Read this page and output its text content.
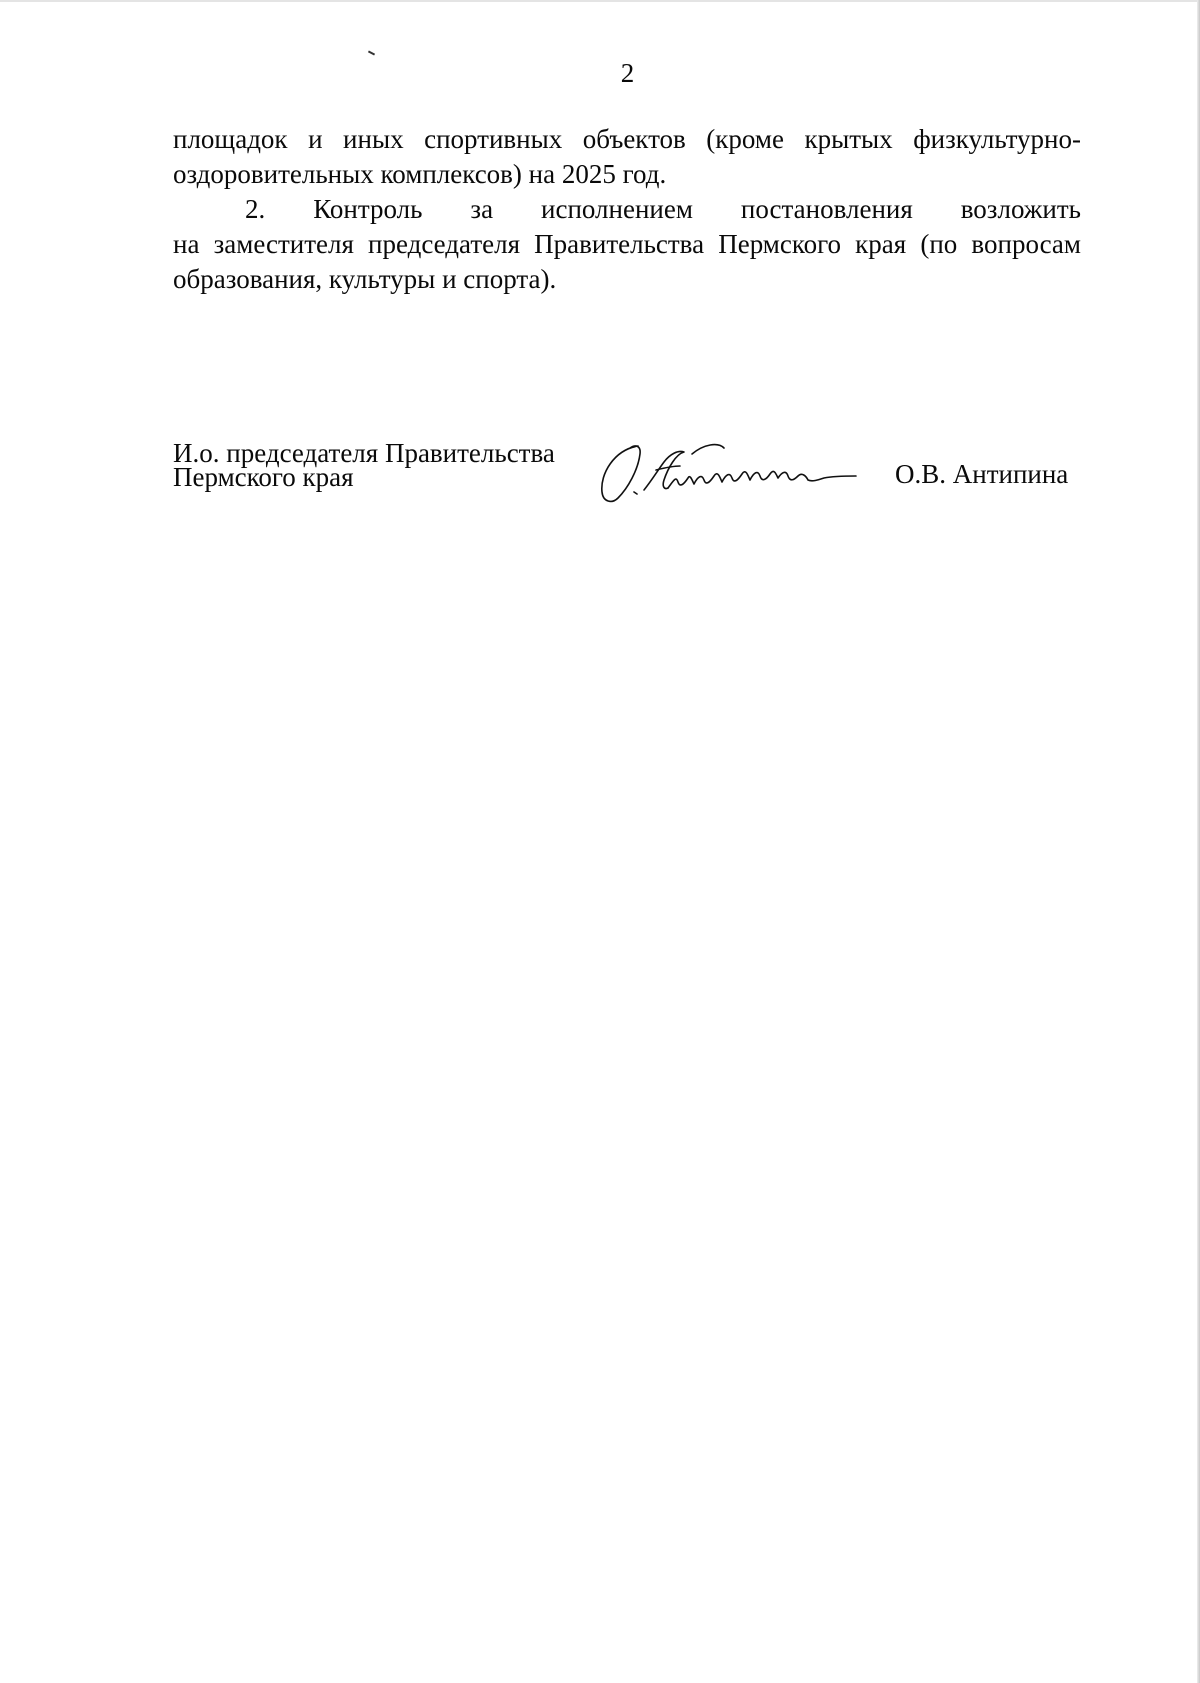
2

площадок и иных спортивных объектов (кроме крытых физкультурно-
оздоровительных комплексов) на 2025 год.

2. Контроль за исполнением постановления возложить
на заместителя председателя Правительства Пермского края (по вопросам
образования, культуры и спорта).

И.о. председателя Правительства
Пермского края	О.В. Антипина
